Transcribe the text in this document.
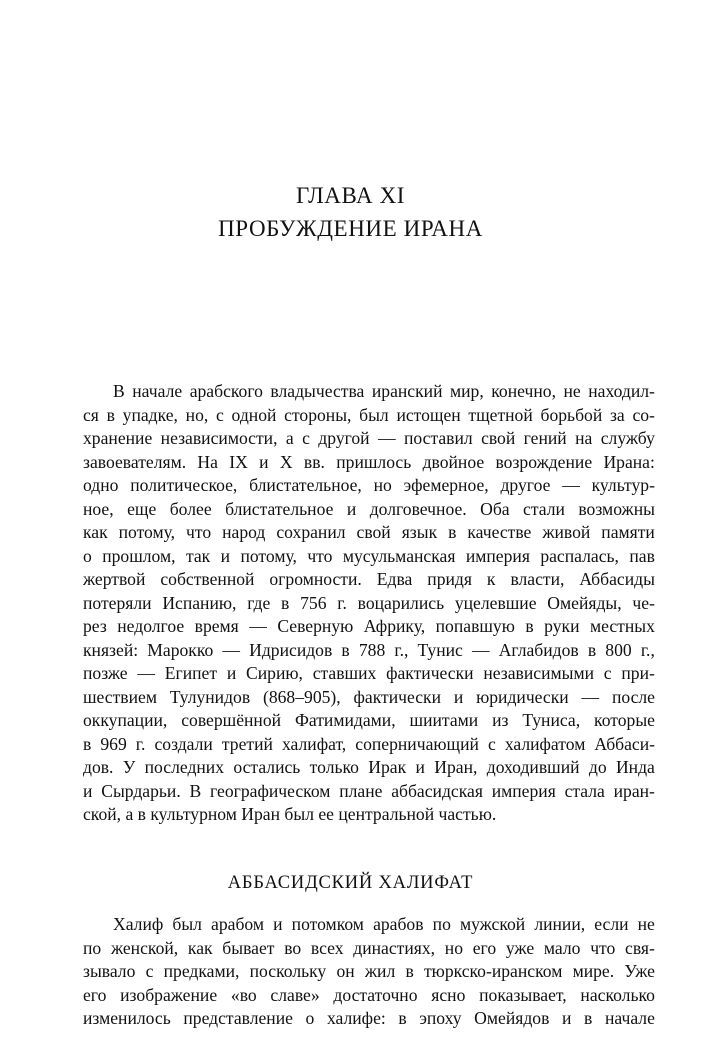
ГЛАВА XI
ПРОБУЖДЕНИЕ ИРАНА
В начале арабского владычества иранский мир, конечно, не находил-
ся в упадке, но, с одной стороны, был истощен тщетной борьбой за со-
хранение независимости, а с другой — поставил свой гений на службу
завоевателям. На IX и X вв. пришлось двойное возрождение Ирана:
одно политическое, блистательное, но эфемерное, другое — культур-
ное, еще более блистательное и долговечное. Оба стали возможны
как потому, что народ сохранил свой язык в качестве живой памяти
о прошлом, так и потому, что мусульманская империя распалась, пав
жертвой собственной огромности. Едва придя к власти, Аббасиды
потеряли Испанию, где в 756 г. воцарились уцелевшие Омейяды, че-
рез недолгое время — Северную Африку, попавшую в руки местных
князей: Марокко — Идрисидов в 788 г., Тунис — Аглабидов в 800 г.,
позже — Египет и Сирию, ставших фактически независимыми с при-
шествием Тулунидов (868–905), фактически и юридически — после
оккупации, совершённой Фатимидами, шиитами из Туниса, которые
в 969 г. создали третий халифат, соперничающий с халифатом Аббаси-
дов. У последних остались только Ирак и Иран, доходивший до Инда
и Сырдарьи. В географическом плане аббасидская империя стала иран-
ской, а в культурном Иран был ее центральной частью.
АББАСИДСКИЙ ХАЛИФАТ
Халиф был арабом и потомком арабов по мужской линии, если не
по женской, как бывает во всех династиях, но его уже мало что свя-
зывало с предками, поскольку он жил в тюркско-иранском мире. Уже
его изображение «во славе» достаточно ясно показывает, насколько
изменилось представление о халифе: в эпоху Омейядов и в начале
